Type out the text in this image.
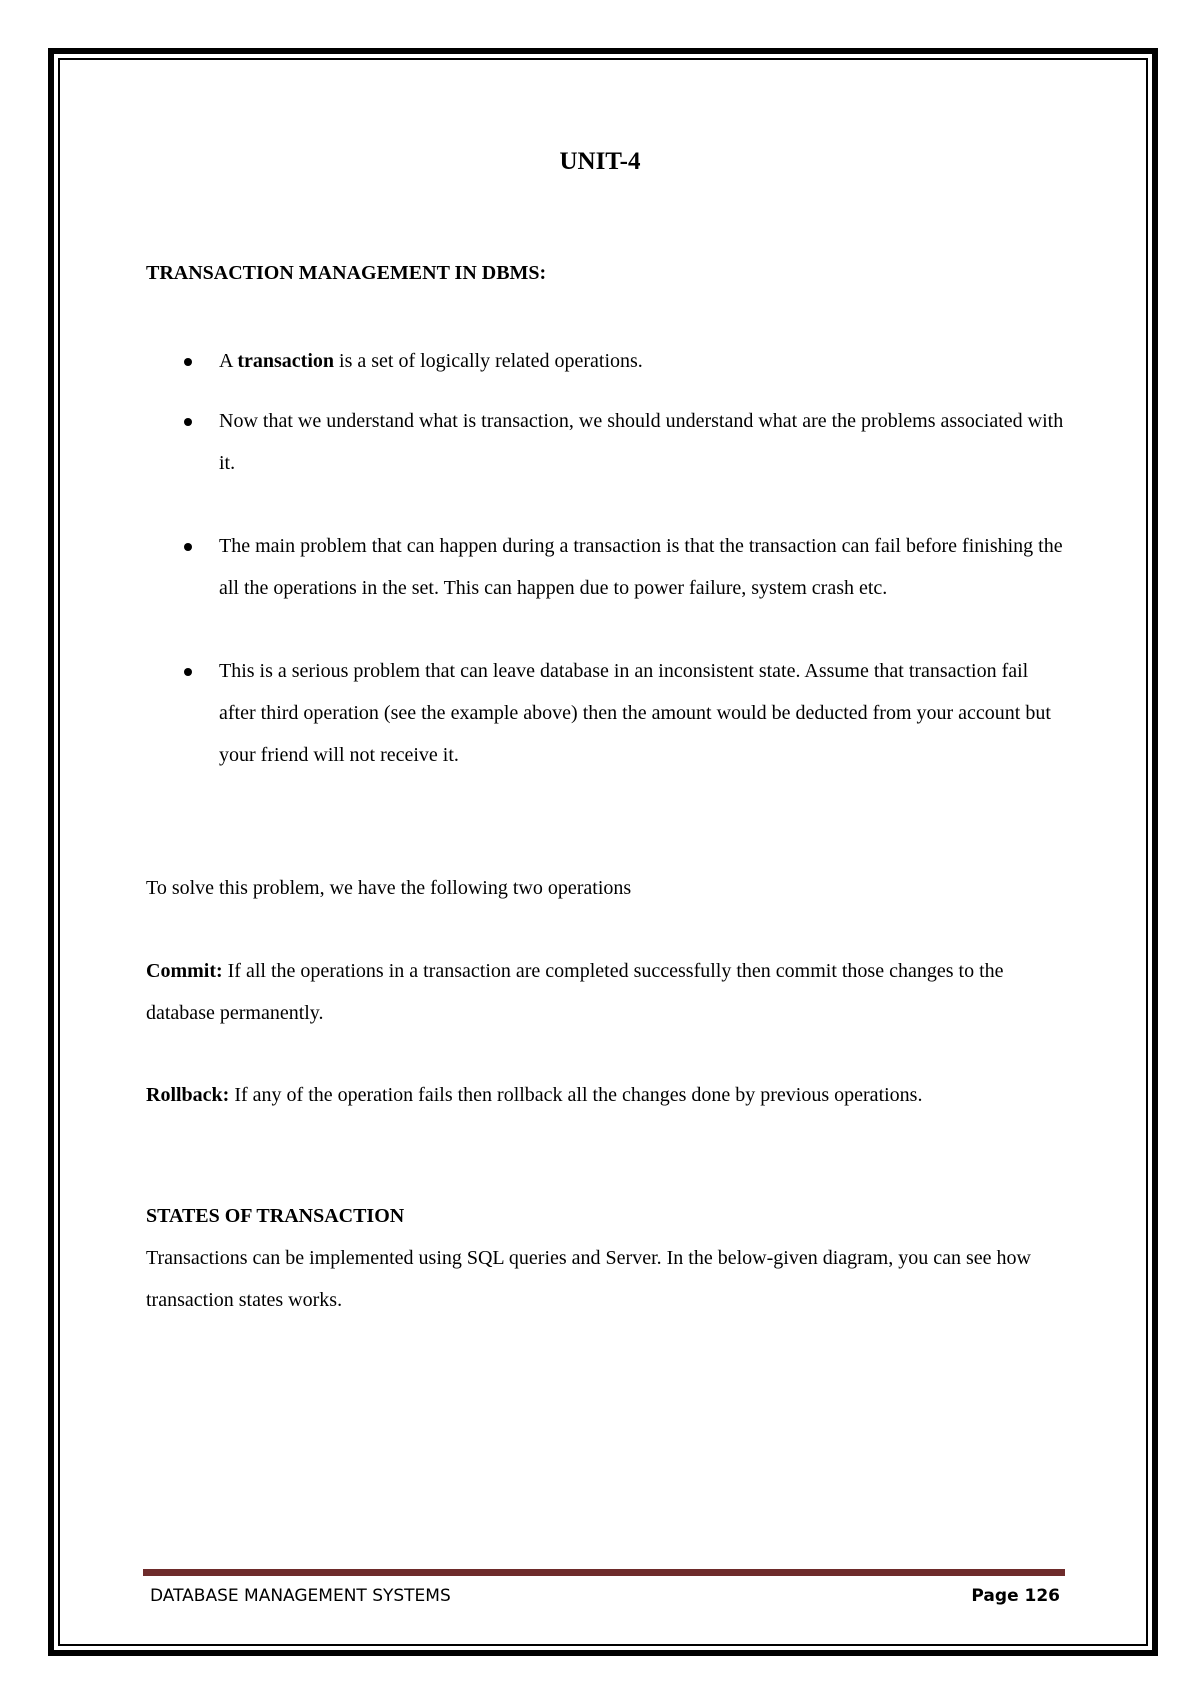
UNIT-4
TRANSACTION MANAGEMENT IN DBMS:
A transaction is a set of logically related operations.
Now that we understand what is transaction, we should understand what are the problems associated with it.
The main problem that can happen during a transaction is that the transaction can fail before finishing the all the operations in the set. This can happen due to power failure, system crash etc.
This is a serious problem that can leave database in an inconsistent state. Assume that transaction fail after third operation (see the example above) then the amount would be deducted from your account but your friend will not receive it.

To solve this problem, we have the following two operations

Commit: If all the operations in a transaction are completed successfully then commit those changes to the database permanently.

Rollback: If any of the operation fails then rollback all the changes done by previous operations.

STATES OF TRANSACTION

Transactions can be implemented using SQL queries and Server. In the below-given diagram, you can see how transaction states works.

DATABASE MANAGEMENT SYSTEMS	Page 126
